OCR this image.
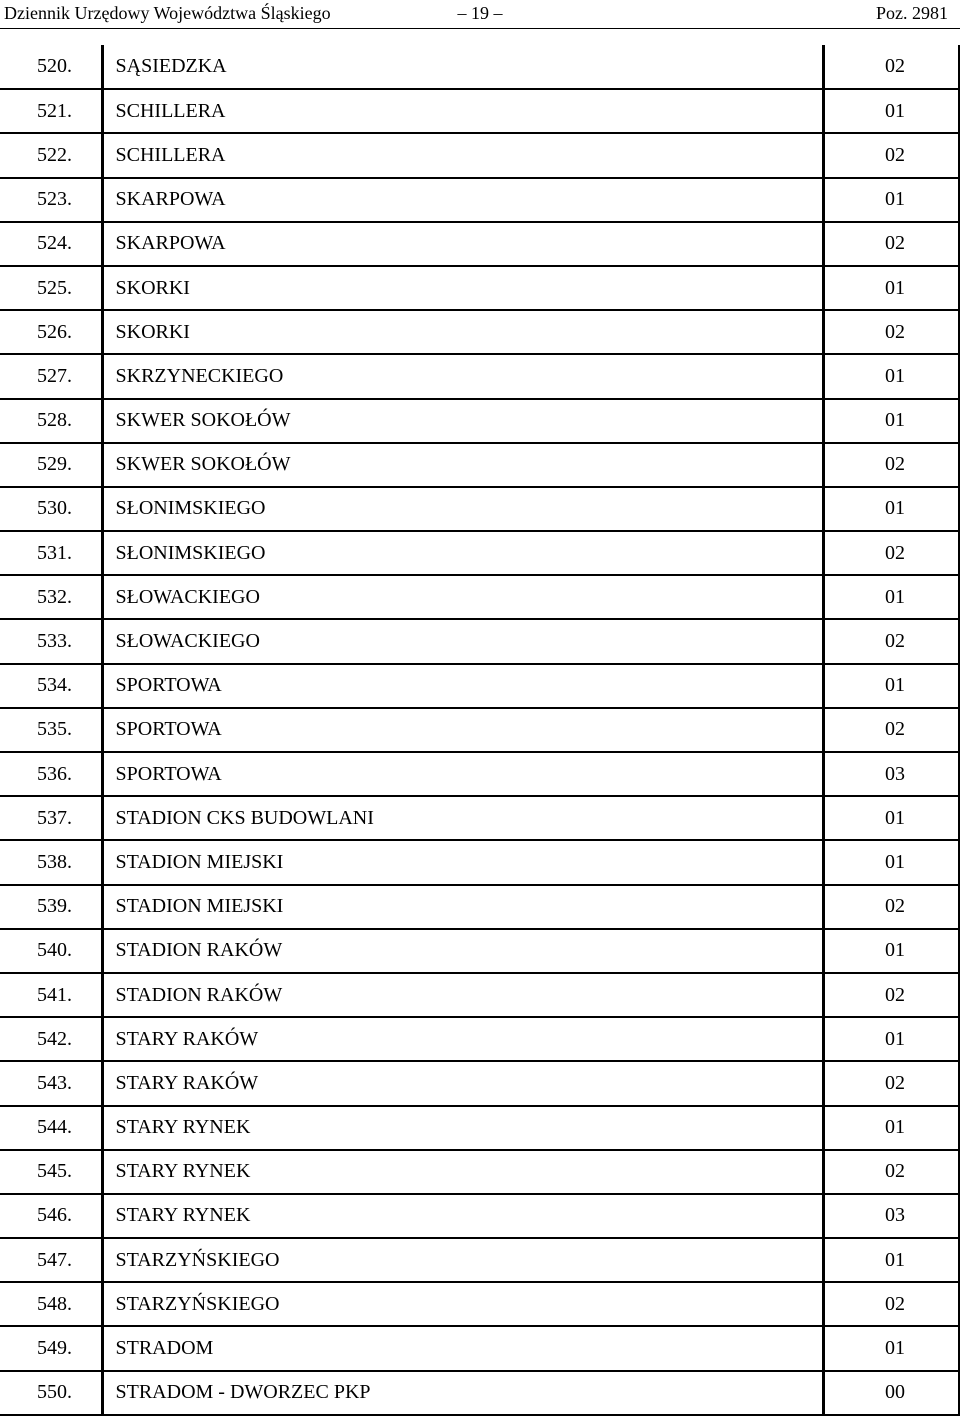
Dziennik Urzędowy Województwa Śląskiego	– 19 –	Poz. 2981
520.	SĄSIEDZKA	02
521.	SCHILLERA	01
522.	SCHILLERA	02
523.	SKARPOWA	01
524.	SKARPOWA	02
525.	SKORKI	01
526.	SKORKI	02
527.	SKRZYNECKIEGO	01
528.	SKWER SOKOŁÓW	01
529.	SKWER SOKOŁÓW	02
530.	SŁONIMSKIEGO	01
531.	SŁONIMSKIEGO	02
532.	SŁOWACKIEGO	01
533.	SŁOWACKIEGO	02
534.	SPORTOWA	01
535.	SPORTOWA	02
536.	SPORTOWA	03
537.	STADION CKS BUDOWLANI	01
538.	STADION MIEJSKI	01
539.	STADION MIEJSKI	02
540.	STADION RAKÓW	01
541.	STADION RAKÓW	02
542.	STARY RAKÓW	01
543.	STARY RAKÓW	02
544.	STARY RYNEK	01
545.	STARY RYNEK	02
546.	STARY RYNEK	03
547.	STARZYŃSKIEGO	01
548.	STARZYŃSKIEGO	02
549.	STRADOM	01
550.	STRADOM - DWORZEC PKP	00
